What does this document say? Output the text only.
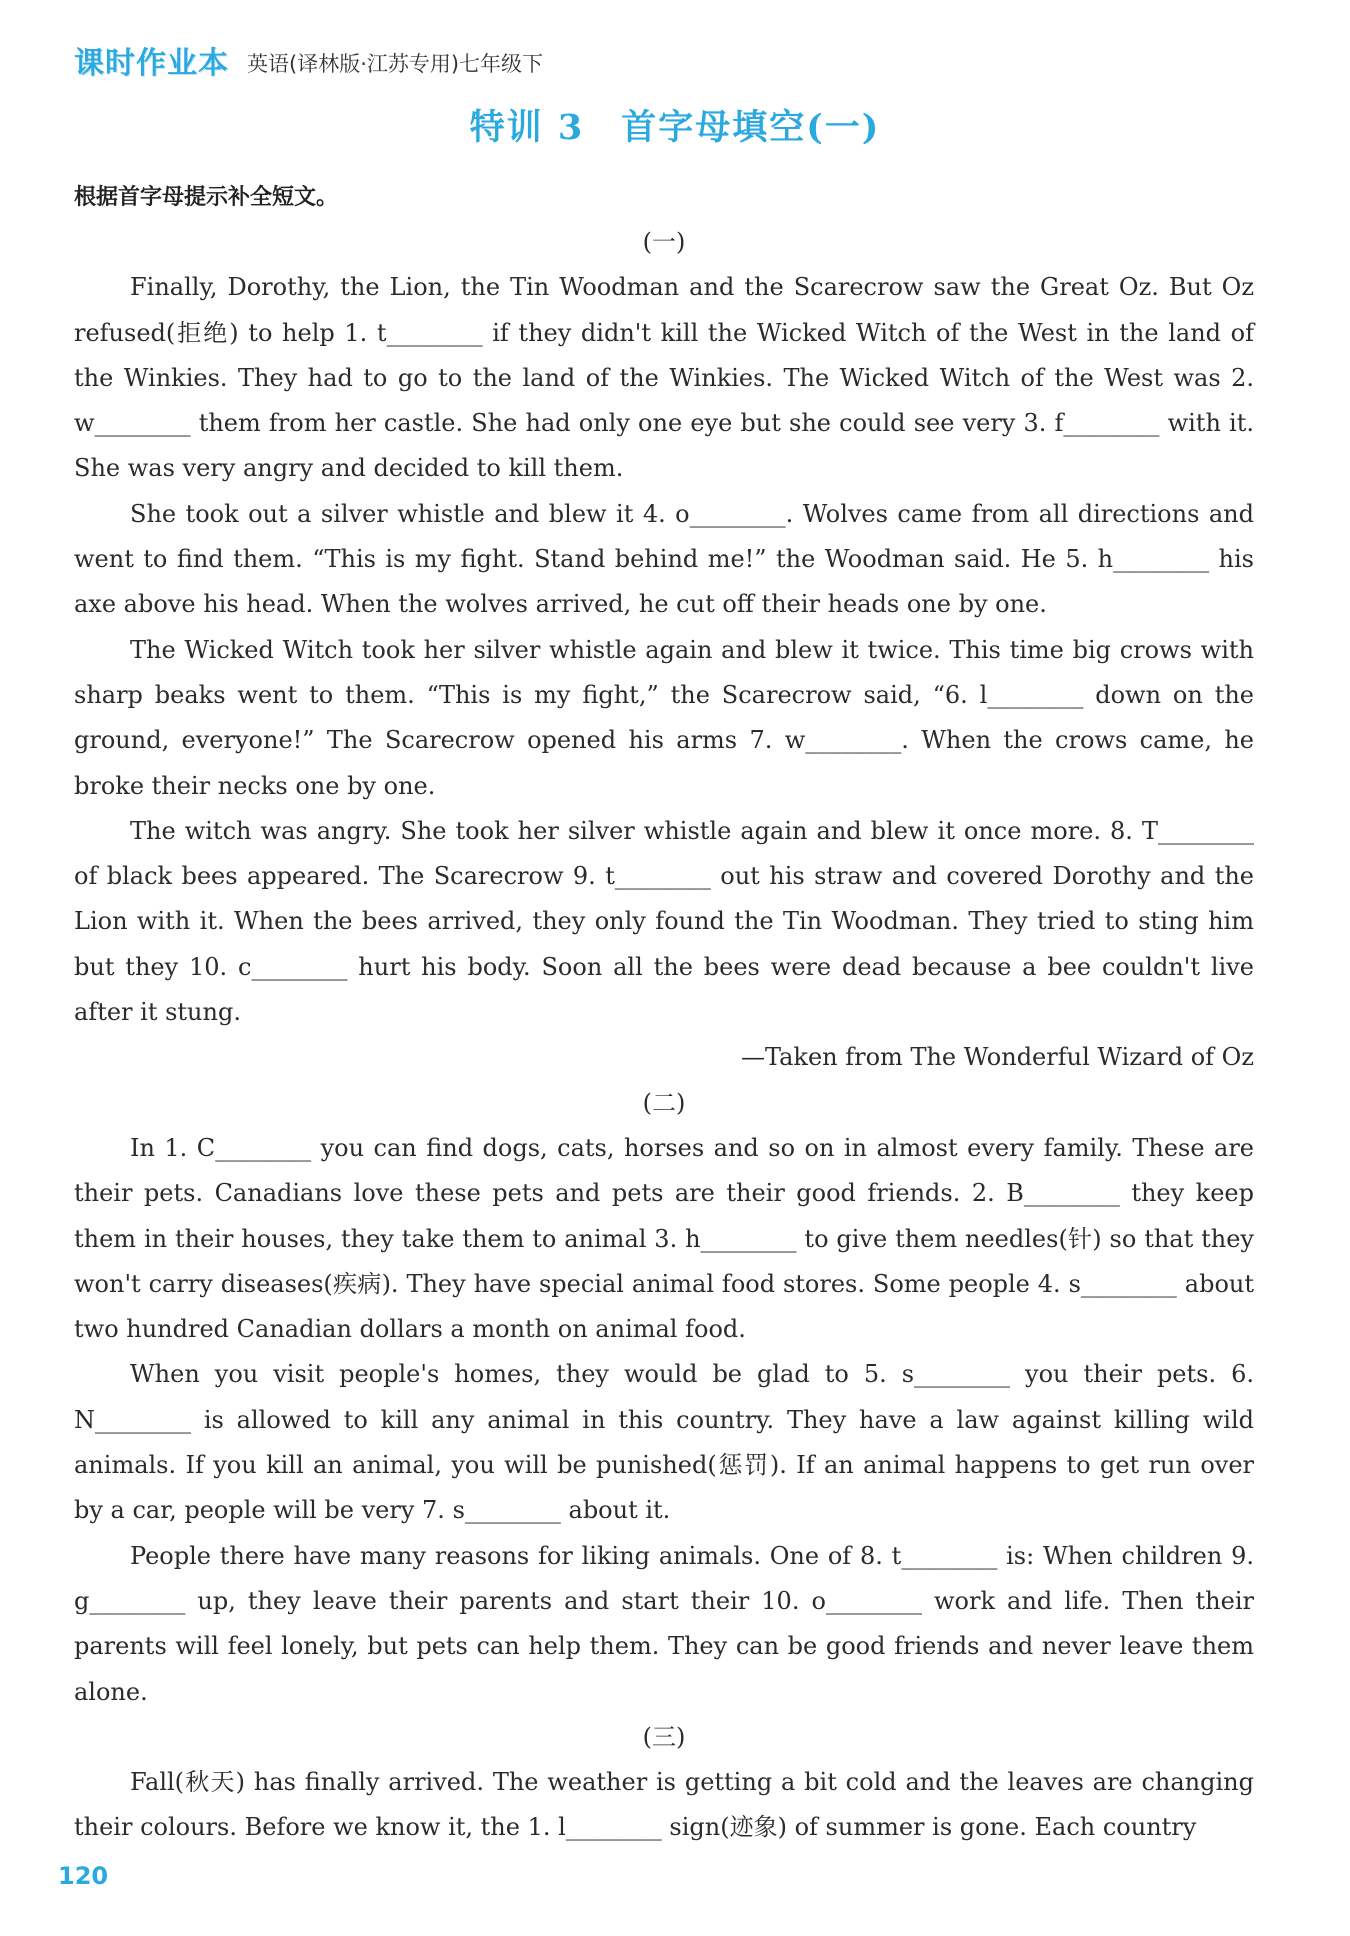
课时作业本 英语(译林版·江苏专用)七年级下
特训 3　首字母填空(一)
根据首字母提示补全短文。

(一)

Finally, Dorothy, the Lion, the Tin Woodman and the Scarecrow saw the Great Oz. But Oz refused(拒绝) to help 1. t________ if they didn't kill the Wicked Witch of the West in the land of the Winkies. They had to go to the land of the Winkies. The Wicked Witch of the West was 2. w________ them from her castle. She had only one eye but she could see very 3. f________ with it. She was very angry and decided to kill them.

She took out a silver whistle and blew it 4. o________. Wolves came from all directions and went to find them. “This is my fight. Stand behind me!” the Woodman said. He 5. h________ his axe above his head. When the wolves arrived, he cut off their heads one by one.

The Wicked Witch took her silver whistle again and blew it twice. This time big crows with sharp beaks went to them. “This is my fight,” the Scarecrow said, “6. l________ down on the ground, everyone!” The Scarecrow opened his arms 7. w________. When the crows came, he broke their necks one by one.

The witch was angry. She took her silver whistle again and blew it once more. 8. T________ of black bees appeared. The Scarecrow 9. t________ out his straw and covered Dorothy and the Lion with it. When the bees arrived, they only found the Tin Woodman. They tried to sting him but they 10. c________ hurt his body. Soon all the bees were dead because a bee couldn't live after it stung.

—Taken from The Wonderful Wizard of Oz

(二)

In 1. C________ you can find dogs, cats, horses and so on in almost every family. These are their pets. Canadians love these pets and pets are their good friends. 2. B________ they keep them in their houses, they take them to animal 3. h________ to give them needles(针) so that they won't carry diseases(疾病). They have special animal food stores. Some people 4. s________ about two hundred Canadian dollars a month on animal food.

When you visit people's homes, they would be glad to 5. s________ you their pets. 6. N________ is allowed to kill any animal in this country. They have a law against killing wild animals. If you kill an animal, you will be punished(惩罚). If an animal happens to get run over by a car, people will be very 7. s________ about it.

People there have many reasons for liking animals. One of 8. t________ is: When children 9. g________ up, they leave their parents and start their 10. o________ work and life. Then their parents will feel lonely, but pets can help them. They can be good friends and never leave them alone.

(三)

Fall(秋天) has finally arrived. The weather is getting a bit cold and the leaves are changing their colours. Before we know it, the 1. l________ sign(迹象) of summer is gone. Each country

120
